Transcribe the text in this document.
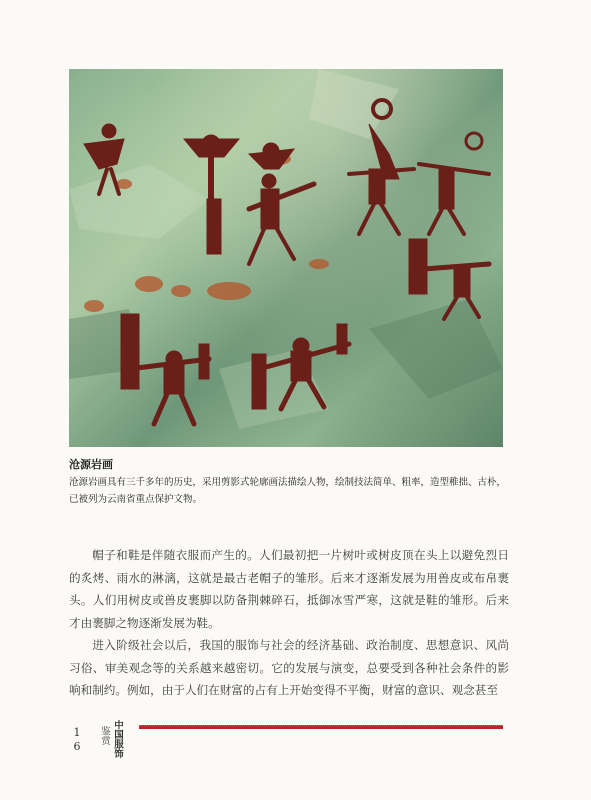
沧源岩画
沧源岩画具有三千多年的历史，采用剪影式轮廓画法描绘人物，绘制技法简单、粗率，造型稚拙、古朴，已被列为云南省重点保护文物。

帽子和鞋是伴随衣服而产生的。人们最初把一片树叶或树皮顶在头上以避免烈日的炙烤、雨水的淋漓，这就是最古老帽子的雏形。后来才逐渐发展为用兽皮或布帛裹头。人们用树皮或兽皮裹脚以防备荆棘碎石，抵御冰雪严寒，这就是鞋的雏形。后来才由裹脚之物逐渐发展为鞋。

进入阶级社会以后，我国的服饰与社会的经济基础、政治制度、思想意识、风尚习俗、审美观念等的关系越来越密切。它的发展与演变，总要受到各种社会条件的影响和制约。例如，由于人们在财富的占有上开始变得不平衡，财富的意识、观念甚至

1
6
鉴赏 中国服饰
